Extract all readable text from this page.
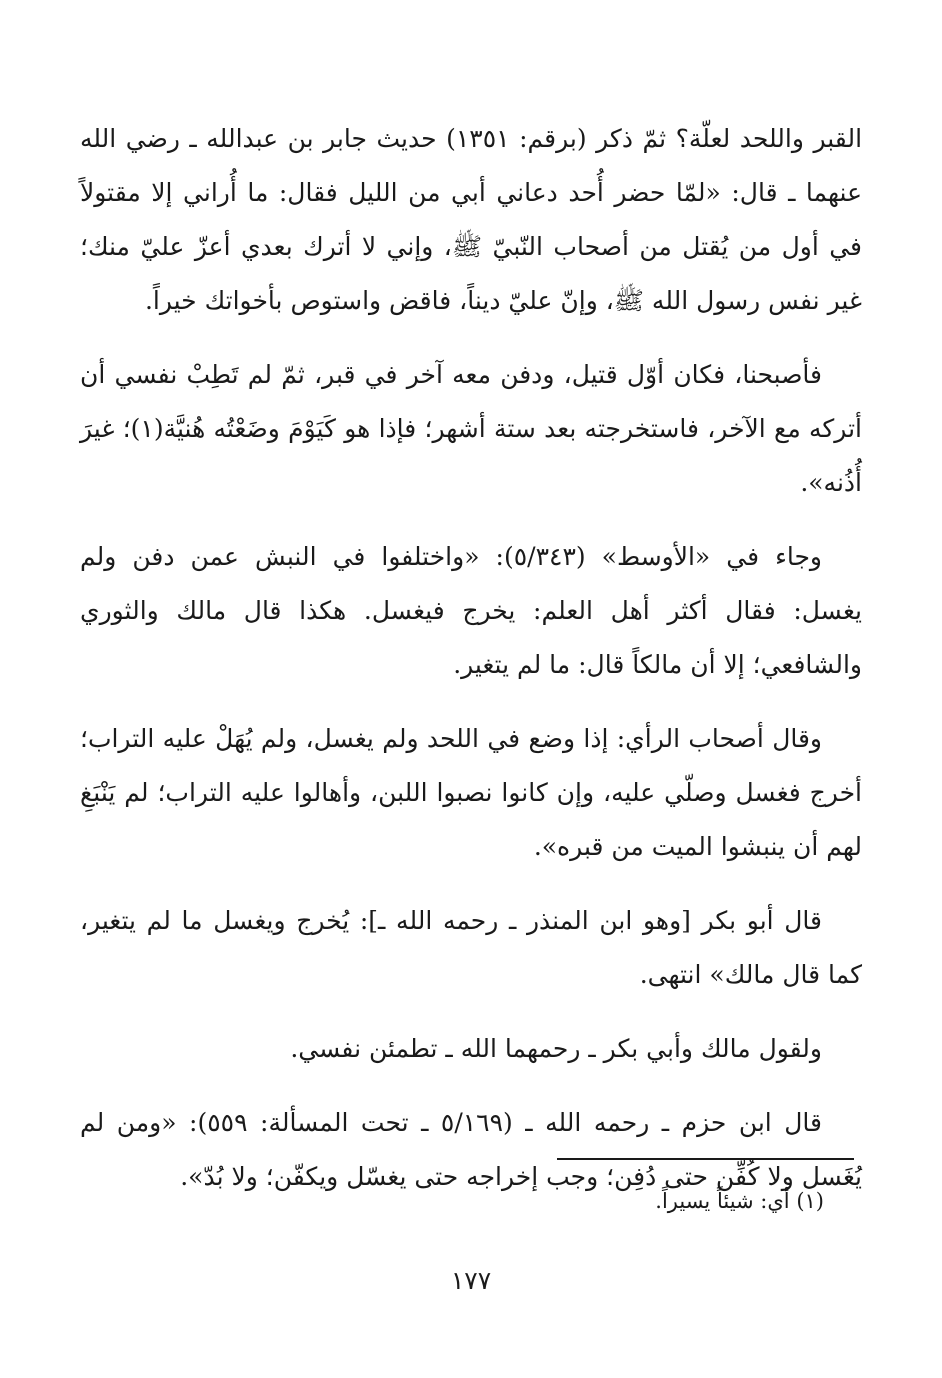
القبر واللحد لعلّة؟ ثمّ ذكر (برقم: ١٣٥١) حديث جابر بن عبدالله ـ رضي الله عنهما ـ قال: «لمّا حضر أُحد دعاني أبي من الليل فقال: ما أُراني إلا مقتولاً في أول من يُقتل من أصحاب النّبيّ ﷺ، وإني لا أترك بعدي أعزّ عليّ منك؛ غير نفس رسول الله ﷺ، وإنّ عليّ ديناً، فاقض واستوص بأخواتك خيراً.

فأصبحنا، فكان أوّل قتيل، ودفن معه آخر في قبر، ثمّ لم تَطِبْ نفسي أن أتركه مع الآخر، فاستخرجته بعد ستة أشهر؛ فإذا هو كَيَوْمَ وضَعْتُه هُنيَّة(١)؛ غيرَ أُذُنه».

وجاء في «الأوسط» (٥/٣٤٣): «واختلفوا في النبش عمن دفن ولم يغسل: فقال أكثر أهل العلم: يخرج فيغسل. هكذا قال مالك والثوري والشافعي؛ إلا أن مالكاً قال: ما لم يتغير.

وقال أصحاب الرأي: إذا وضع في اللحد ولم يغسل، ولم يُهَلْ عليه التراب؛ أخرج فغسل وصلّي عليه، وإن كانوا نصبوا اللبن، وأهالوا عليه التراب؛ لم يَنْبَغِ لهم أن ينبشوا الميت من قبره».

قال أبو بكر [وهو ابن المنذر ـ رحمه الله ـ]: يُخرج ويغسل ما لم يتغير، كما قال مالك» انتهى.

ولقول مالك وأبي بكر ـ رحمهما الله ـ تطمئن نفسي.

قال ابن حزم ـ رحمه الله ـ (٥/١٦٩ ـ تحت المسألة: ٥٥٩): «ومن لم يُغَسل ولا كُفِّن حتى دُفِن؛ وجب إخراجه حتى يغسّل ويكفّن؛ ولا بُدّ».

(١) أي: شيئاً يسيراً.
١٧٧
